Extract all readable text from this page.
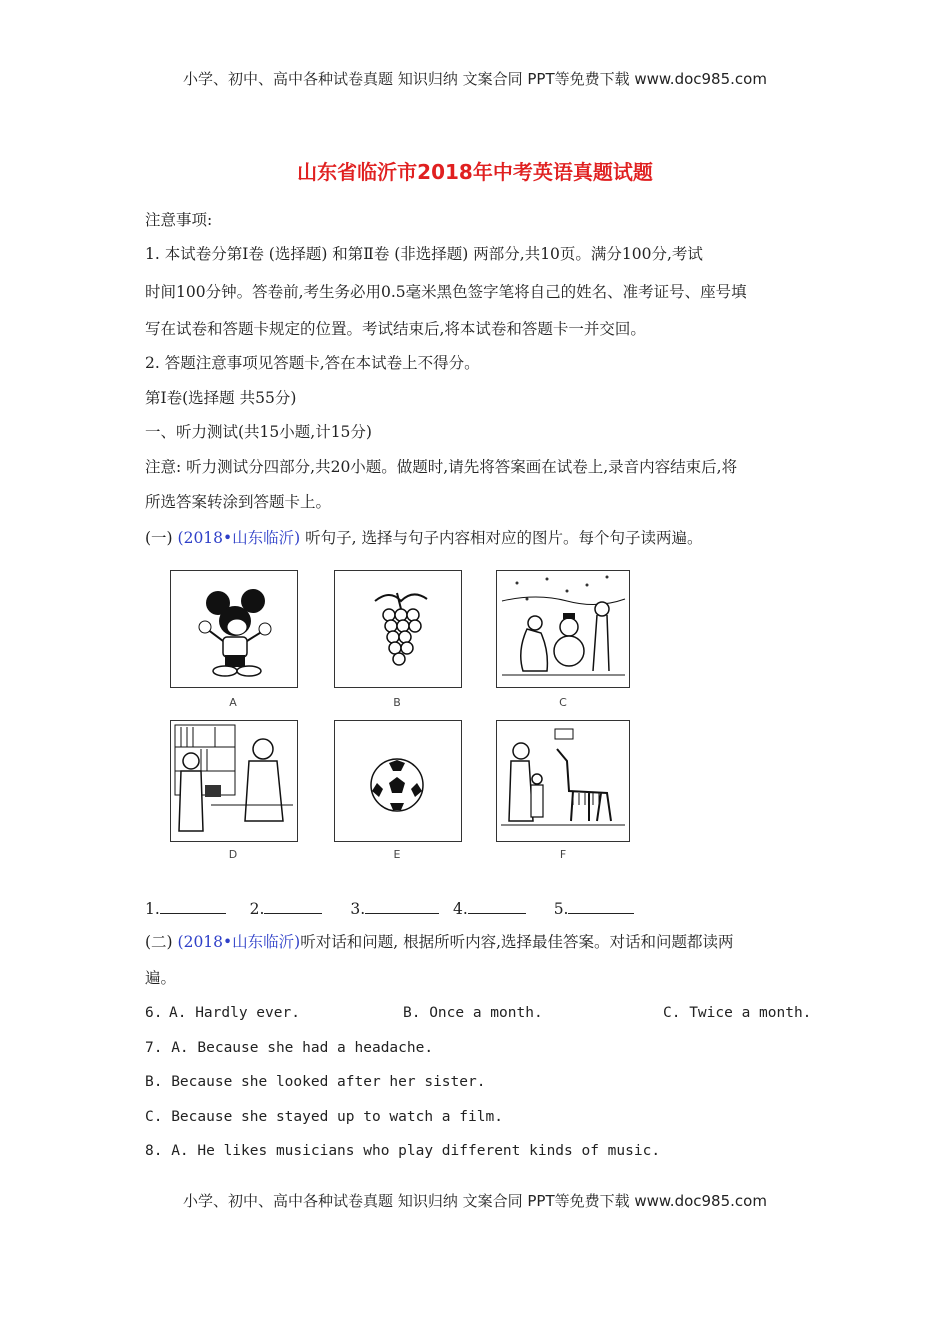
小学、初中、高中各种试卷真题 知识归纳 文案合同 PPT等免费下载 www.doc985.com
山东省临沂市2018年中考英语真题试题
注意事项:
1. 本试卷分第Ⅰ卷 (选择题) 和第Ⅱ卷 (非选择题) 两部分,共10页。满分100分,考试
时间100分钟。答卷前,考生务必用0.5毫米黑色签字笔将自己的姓名、准考证号、座号填
写在试卷和答题卡规定的位置。考试结束后,将本试卷和答题卡一并交回。
2. 答题注意事项见答题卡,答在本试卷上不得分。
第Ⅰ卷(选择题 共55分)
一、听力测试(共15小题,计15分)
注意: 听力测试分四部分,共20小题。做题时,请先将答案画在试卷上,录音内容结束后,将
所选答案转涂到答题卡上。
(一) (2018•山东临沂) 听句子, 选择与句子内容相对应的图片。每个句子读两遍。
A	B	C
D	E	F
1.	2.	3.	4.	5.
(二) (2018•山东临沂)听对话和问题, 根据所听内容,选择最佳答案。对话和问题都读两
遍。
6. A. Hardly ever.	B. Once a month.	C. Twice a month.
7. A. Because she had a headache.
B. Because she looked after her sister.
C. Because she stayed up to watch a film.
8. A. He likes musicians who play different kinds of music.
小学、初中、高中各种试卷真题 知识归纳 文案合同 PPT等免费下载 www.doc985.com
